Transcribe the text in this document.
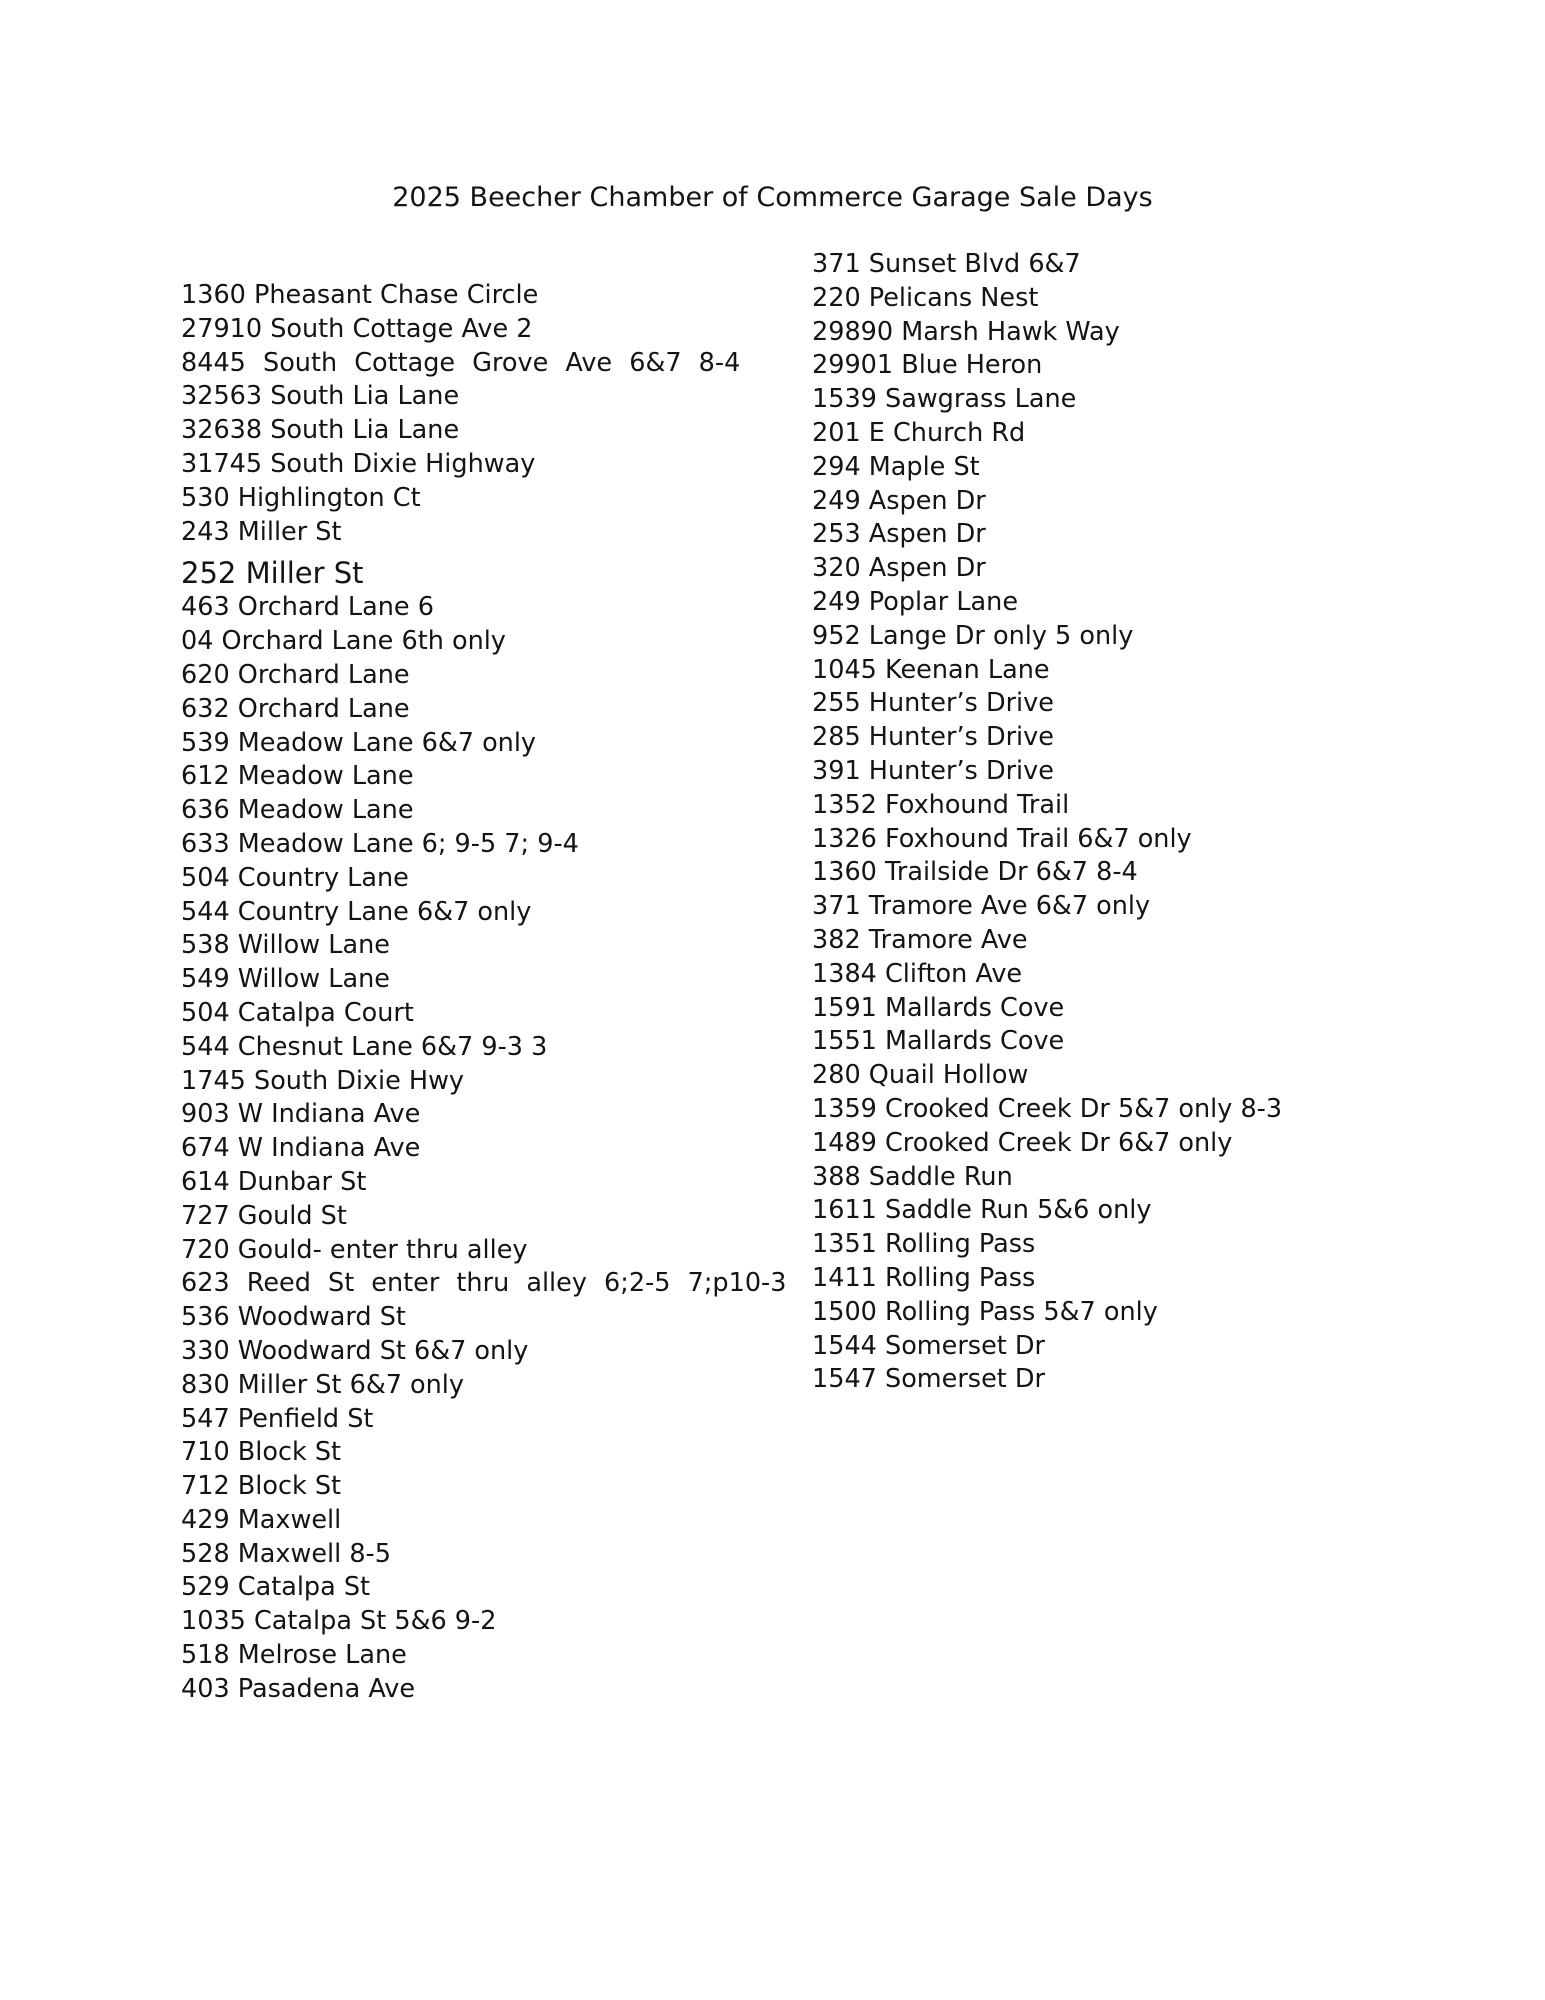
2025 Beecher Chamber of Commerce Garage Sale Days
1360 Pheasant Chase Circle
27910 South Cottage Ave 2
8445 South Cottage Grove Ave 6&7 8-4
32563 South Lia Lane
32638 South Lia Lane
31745 South Dixie Highway
530 Highlington Ct
243 Miller St
252 Miller St
463 Orchard Lane 6
04 Orchard Lane 6th only
620 Orchard Lane
632 Orchard Lane
539 Meadow Lane 6&7 only
612 Meadow Lane
636 Meadow Lane
633 Meadow Lane 6; 9-5 7; 9-4
504 Country Lane
544 Country Lane 6&7 only
538 Willow Lane
549 Willow Lane
504 Catalpa Court
544 Chesnut Lane 6&7 9-3 3
1745 South Dixie Hwy
903 W Indiana Ave
674 W Indiana Ave
614 Dunbar St
727 Gould St
720 Gould- enter thru alley
623 Reed St enter thru alley 6;2-5 7;p10-3
536 Woodward St
330 Woodward St 6&7 only
830 Miller St 6&7 only
547 Penfield St
710 Block St
712 Block St
429 Maxwell
528 Maxwell 8-5
529 Catalpa St
1035 Catalpa St 5&6 9-2
518 Melrose Lane
403 Pasadena Ave
371 Sunset Blvd 6&7
220 Pelicans Nest
29890 Marsh Hawk Way
29901 Blue Heron
1539 Sawgrass Lane
201 E Church Rd
294 Maple St
249 Aspen Dr
253 Aspen Dr
320 Aspen Dr
249 Poplar Lane
952 Lange Dr only 5 only
1045 Keenan Lane
255 Hunter’s Drive
285 Hunter’s Drive
391 Hunter’s Drive
1352 Foxhound Trail
1326 Foxhound Trail 6&7 only
1360 Trailside Dr 6&7 8-4
371 Tramore Ave 6&7 only
382 Tramore Ave
1384 Clifton Ave
1591 Mallards Cove
1551 Mallards Cove
280 Quail Hollow
1359 Crooked Creek Dr 5&7 only 8-3
1489 Crooked Creek Dr 6&7 only
388 Saddle Run
1611 Saddle Run 5&6 only
1351 Rolling Pass
1411 Rolling Pass
1500 Rolling Pass 5&7 only
1544 Somerset Dr
1547 Somerset Dr
